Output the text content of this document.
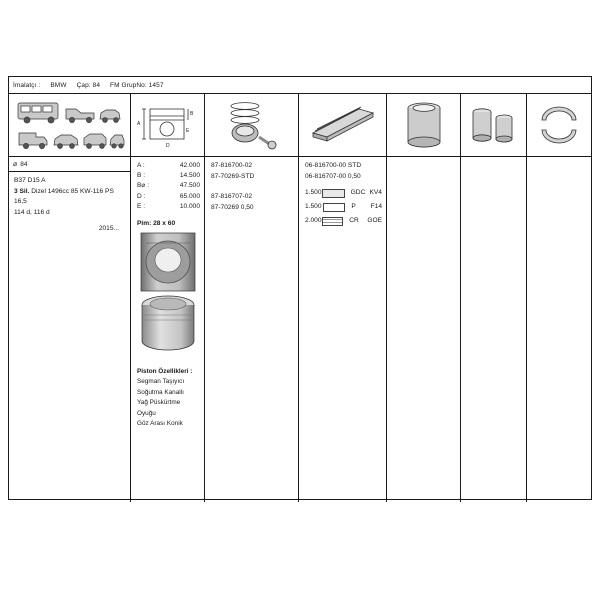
İmalatçı : BMW Çap: 84 FM GrupNo: 1457
A
B
D
E
⌀ 84
B37 D15 A
3 Sil. Dizel 1496cc 85 KW-116 PS 16,5
114 d, 116 d
2015...
A :	42.000
B :	14.500
B⌀ :	47.500
D :	65.000
E :	10.000
Pim: 28 x 60
Piston Özellikleri :
Segman Taşıyıcı
Soğutma Kanallı
Yağ Püskürtme
Oyuğu
Göz Arası Konik
87-816700-02
87-70269-STD
87-816707-02
87-70269 0,50
06-816700-00 STD
06-816707-00 0,50
1.500	GDC KV4
1.500	P	F14
2.000	CR	GOE
